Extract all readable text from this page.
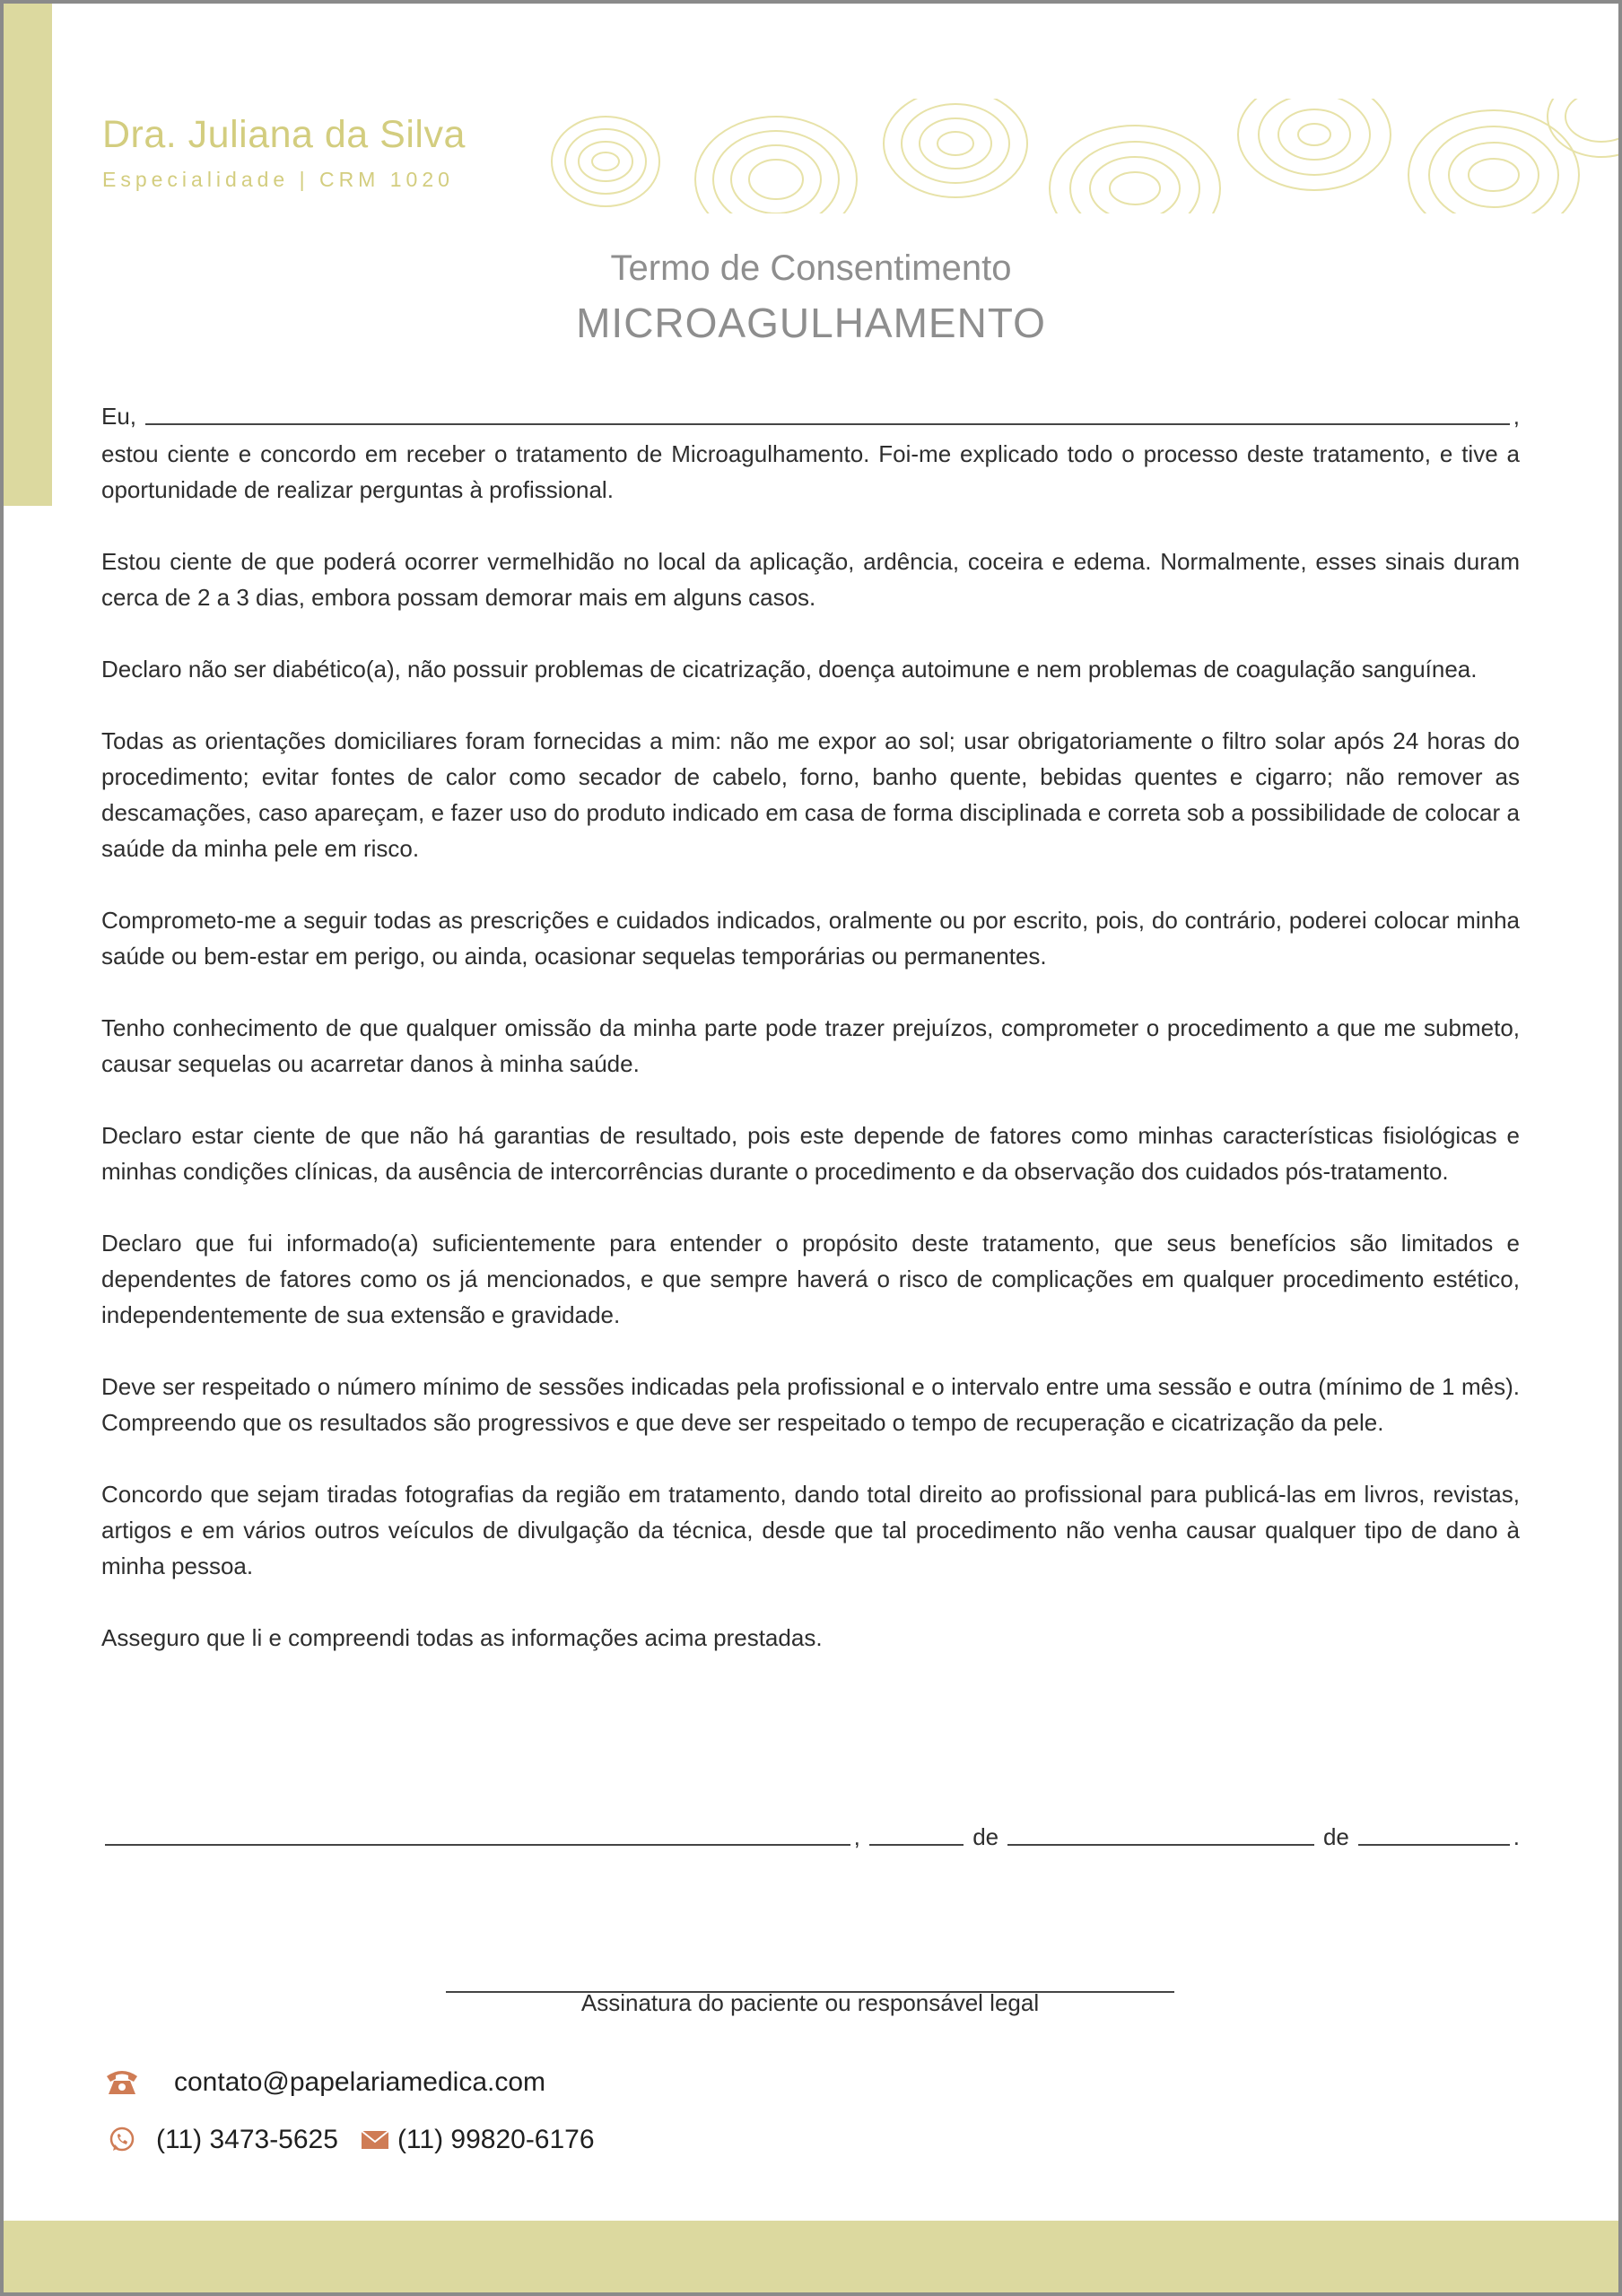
Dra. Juliana da Silva
Especialidade | CRM 1020
Termo de Consentimento
MICROAGULHAMENTO
Eu,	,

estou ciente e concordo em receber o tratamento de Microagulhamento. Foi-me explicado todo o processo deste tratamento, e tive a oportunidade de realizar perguntas à profissional.

Estou ciente de que poderá ocorrer vermelhidão no local da aplicação, ardência, coceira e edema. Normalmente, esses sinais duram cerca de 2 a 3 dias, embora possam demorar mais em alguns casos.

Declaro não ser diabético(a), não possuir problemas de cicatrização, doença autoimune e nem problemas de coagulação sanguínea.

Todas as orientações domiciliares foram fornecidas a mim: não me expor ao sol; usar obrigatoriamente o filtro solar após 24 horas do procedimento; evitar fontes de calor como secador de cabelo, forno, banho quente, bebidas quentes e cigarro; não remover as descamações, caso apareçam, e fazer uso do produto indicado em casa de forma disciplinada e correta sob a possibilidade de colocar a saúde da minha pele em risco.

Comprometo-me a seguir todas as prescrições e cuidados indicados, oralmente ou por escrito, pois, do contrário, poderei colocar minha saúde ou bem-estar em perigo, ou ainda, ocasionar sequelas temporárias ou permanentes.

Tenho conhecimento de que qualquer omissão da minha parte pode trazer prejuízos, comprometer o procedimento a que me submeto, causar sequelas ou acarretar danos à minha saúde.

Declaro estar ciente de que não há garantias de resultado, pois este depende de fatores como minhas características fisiológicas e minhas condições clínicas, da ausência de intercorrências durante o procedimento e da observação dos cuidados pós-tratamento.

Declaro que fui informado(a) suficientemente para entender o propósito deste tratamento, que seus benefícios são limitados e dependentes de fatores como os já mencionados, e que sempre haverá o risco de complicações em qualquer procedimento estético, independentemente de sua extensão e gravidade.

Deve ser respeitado o número mínimo de sessões indicadas pela profissional e o intervalo entre uma sessão e outra (mínimo de 1 mês). Compreendo que os resultados são progressivos e que deve ser respeitado o tempo de recuperação e cicatrização da pele.

Concordo que sejam tiradas fotografias da região em tratamento, dando total direito ao profissional para publicá-las em livros, revistas, artigos e em vários outros veículos de divulgação da técnica, desde que tal procedimento não venha causar qualquer tipo de dano à minha pessoa.

Asseguro que li e compreendi todas as informações acima prestadas.

,	de	de	.
Assinatura do paciente ou responsável legal
contato@papelariamedica.com
(11) 3473-5625 (11) 99820-6176
